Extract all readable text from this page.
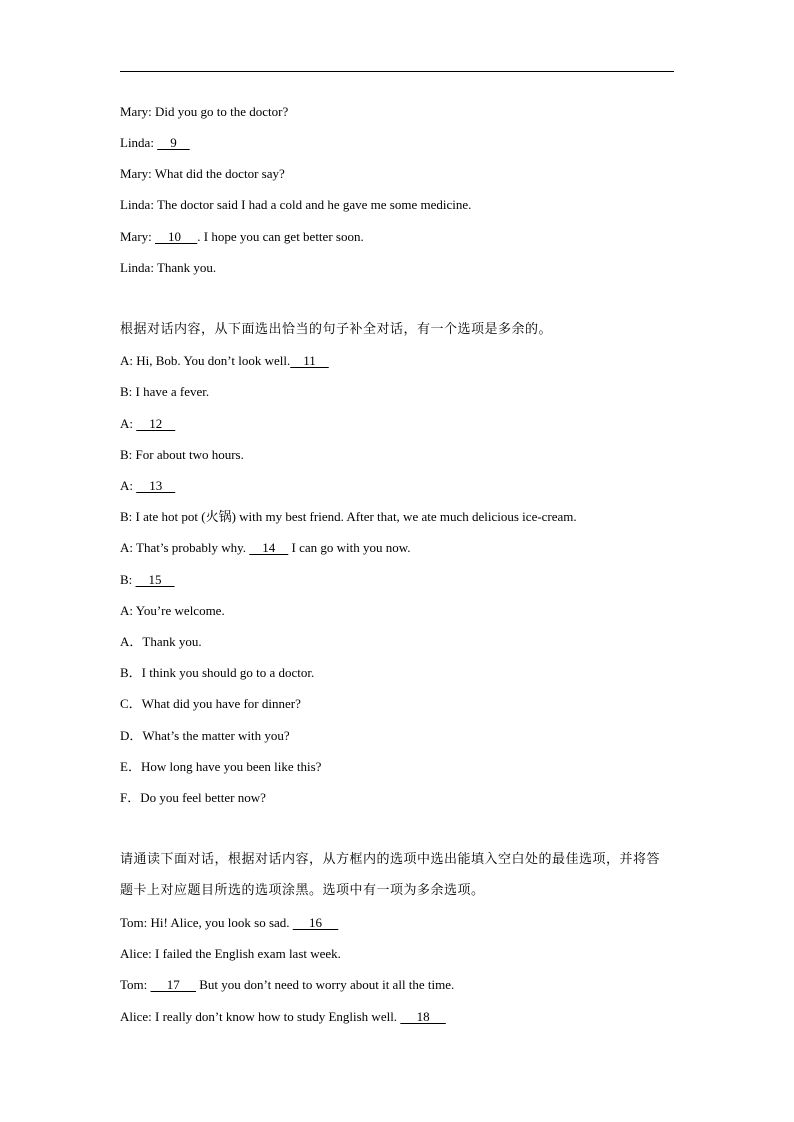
Mary: Did you go to the doctor?
Linda:     9
Mary: What did the doctor say?
Linda: The doctor said I had a cold and he gave me some medicine.
Mary:     10     . I hope you can get better soon.
Linda: Thank you.
根据对话内容，从下面选出恰当的句子补全对话，有一个选项是多余的。
A: Hi, Bob. You don’t look well.    11
B: I have a fever.
A:     12
B: For about two hours.
A:     13
B: I ate hot pot (火锅) with my best friend. After that, we ate much delicious ice-cream.
A: That’s probably why.     14     I can go with you now.
B:     15
A: You’re welcome.
A．Thank you.
B．I think you should go to a doctor.
C．What did you have for dinner?
D．What’s the matter with you?
E．How long have you been like this?
F．Do you feel better now?
请通读下面对话，根据对话内容，从方框内的选项中选出能填入空白处的最佳选项，并将答
题卡上对应题目所选的选项涂黑。选项中有一项为多余选项。
Tom: Hi! Alice, you look so sad.      16
Alice: I failed the English exam last week.
Tom:      17      But you don’t need to worry about it all the time.
Alice: I really don’t know how to study English well.      18
